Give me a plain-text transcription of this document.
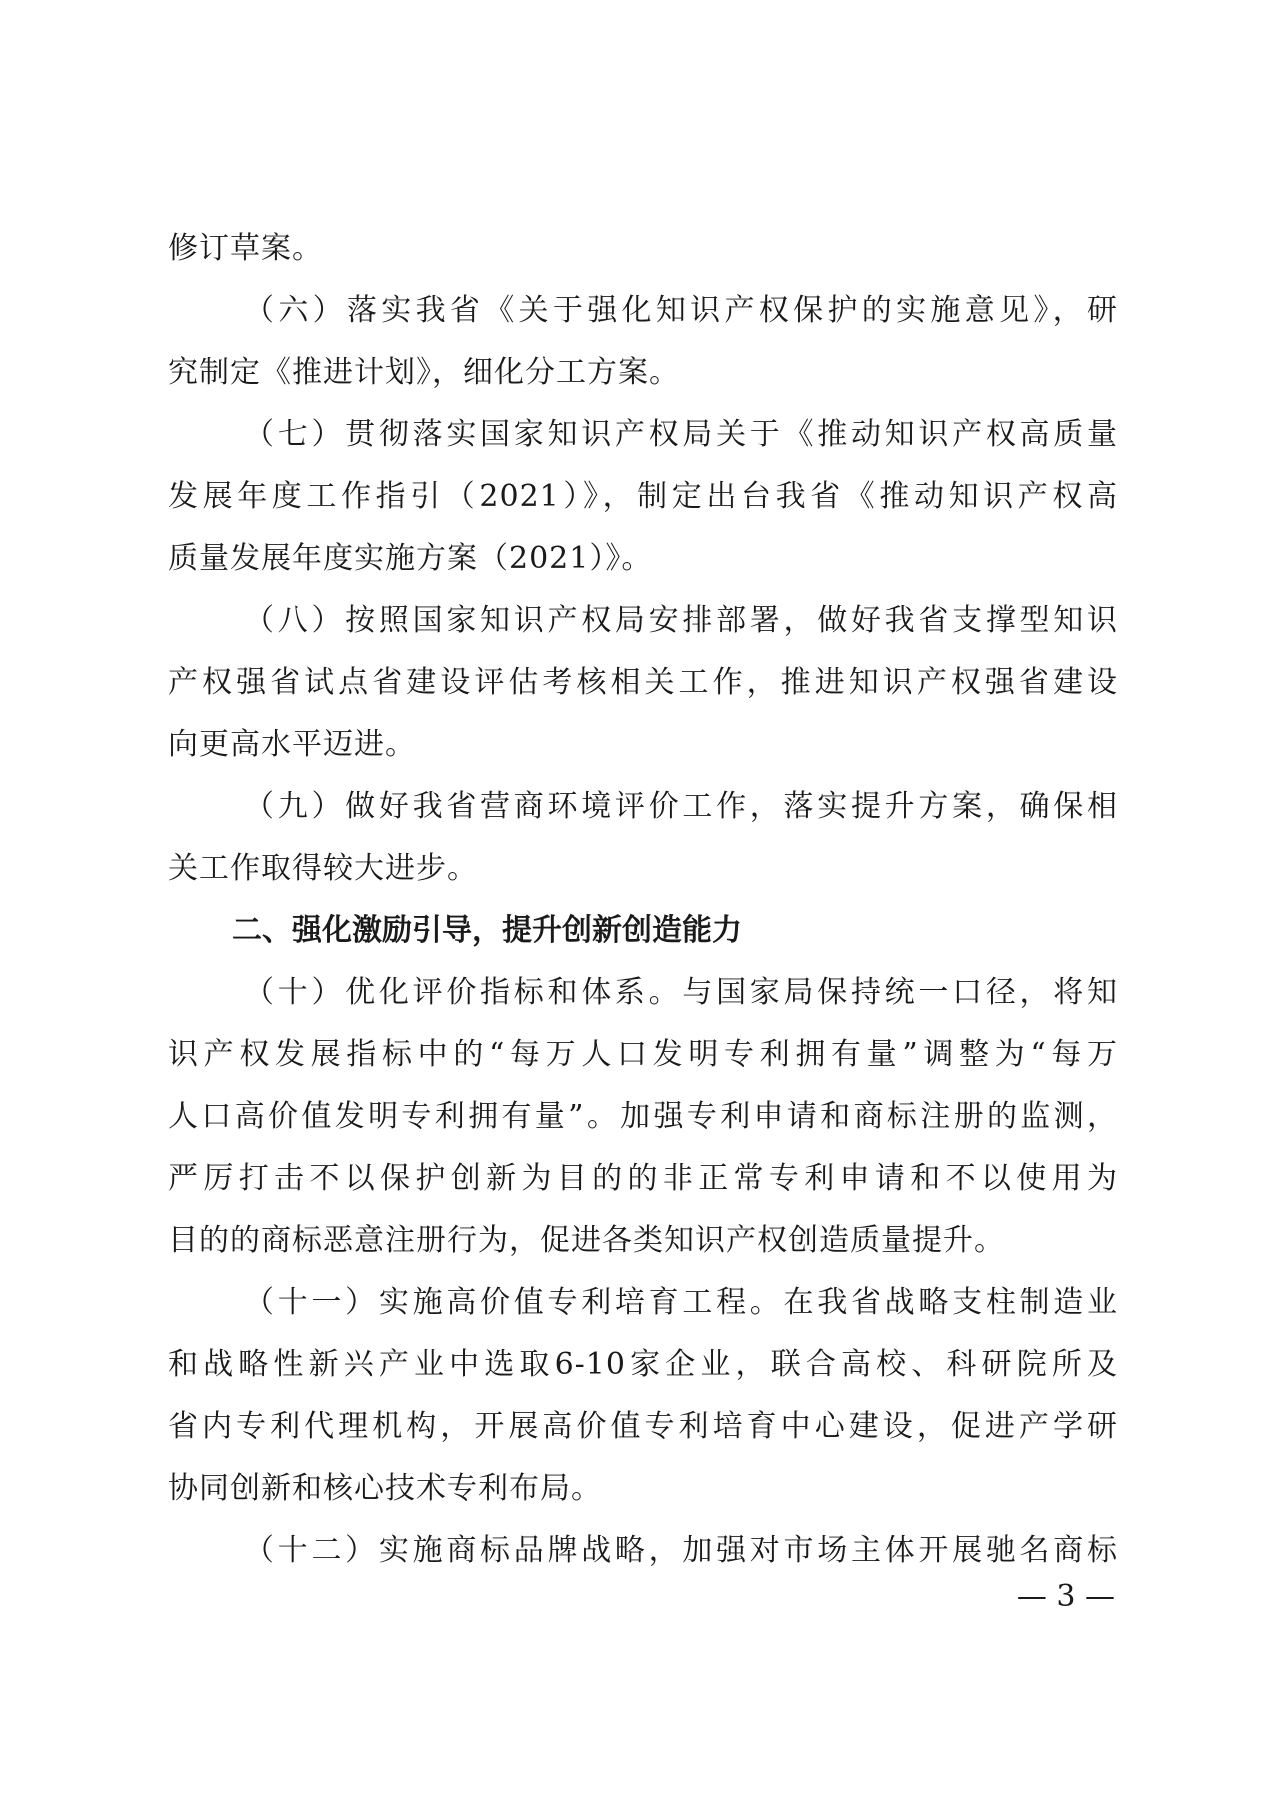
修订草案。
（六）落实我省《关于强化知识产权保护的实施意见》，研
究制定《推进计划》，细化分工方案。
（七）贯彻落实国家知识产权局关于《推动知识产权高质量
发展年度工作指引（2021）》，制定出台我省《推动知识产权高
质量发展年度实施方案（2021）》。
（八）按照国家知识产权局安排部署，做好我省支撑型知识
产权强省试点省建设评估考核相关工作，推进知识产权强省建设
向更高水平迈进。
（九）做好我省营商环境评价工作，落实提升方案，确保相
关工作取得较大进步。
二、强化激励引导，提升创新创造能力
（十）优化评价指标和体系。与国家局保持统一口径，将知
识产权发展指标中的“每万人口发明专利拥有量”调整为“每万
人口高价值发明专利拥有量”。加强专利申请和商标注册的监测，
严厉打击不以保护创新为目的的非正常专利申请和不以使用为
目的的商标恶意注册行为，促进各类知识产权创造质量提升。
（十一）实施高价值专利培育工程。在我省战略支柱制造业
和战略性新兴产业中选取6-10家企业，联合高校、科研院所及
省内专利代理机构，开展高价值专利培育中心建设，促进产学研
协同创新和核心技术专利布局。
（十二）实施商标品牌战略，加强对市场主体开展驰名商标
— 3 —
